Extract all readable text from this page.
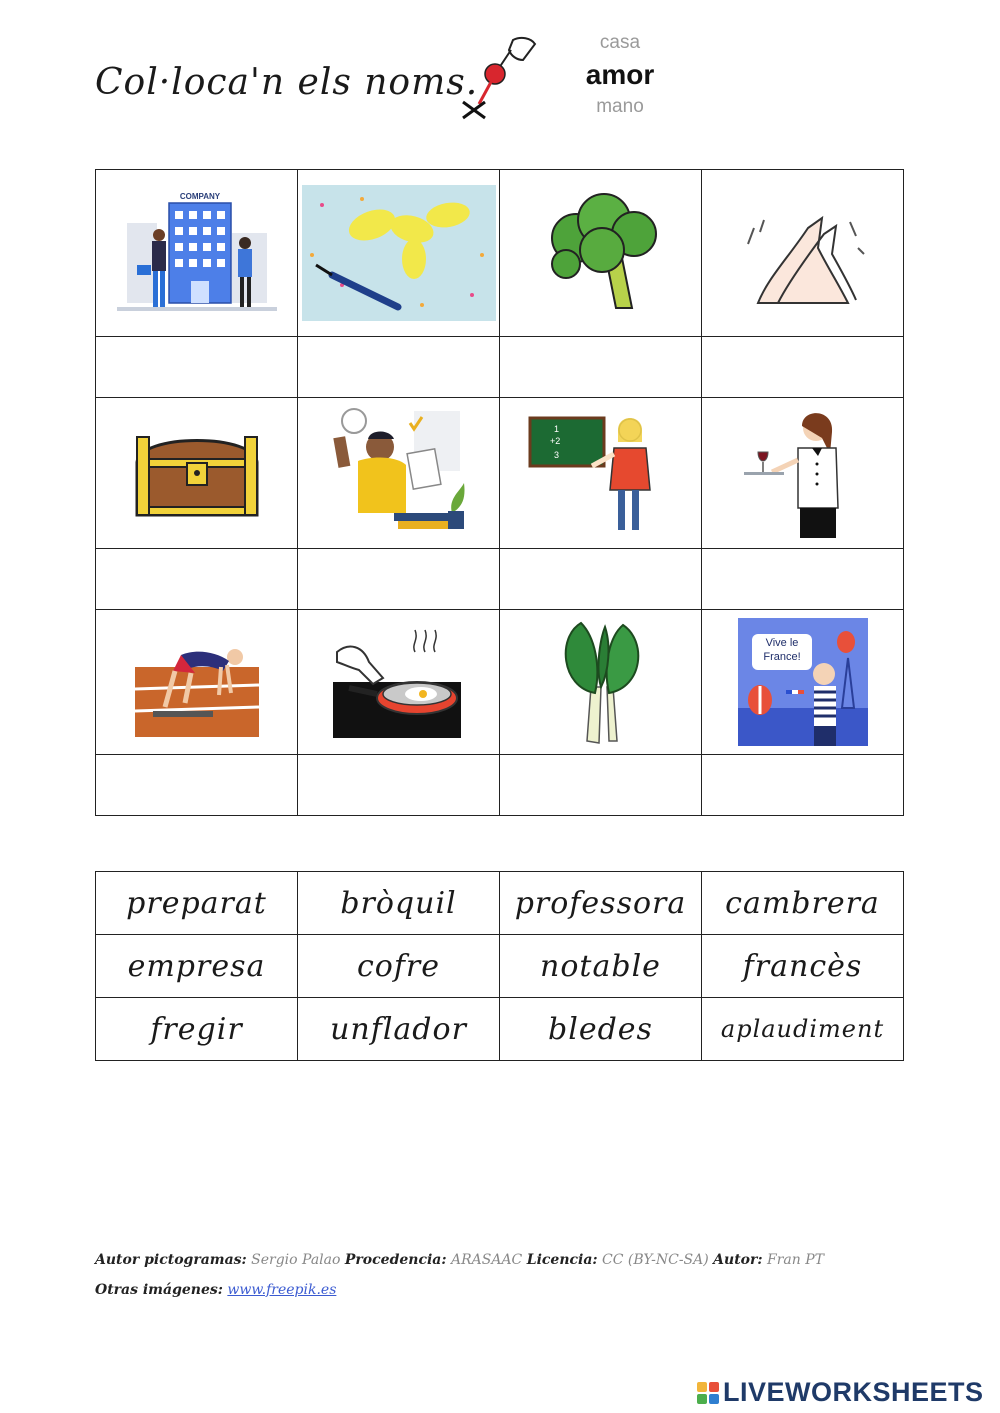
Col·loca'n els noms.
casa
amor
mano
COMPANY

1
+2
3

Vive le France!

preparat	bròquil	professora	cambrera
empresa	cofre	notable	francès
fregir	unflador	bledes	aplaudiment
Autor pictogramas: Sergio Palao Procedencia: ARASAAC Licencia: CC (BY-NC-SA) Autor: Fran PT
Otras imágenes: www.freepik.es
LIVEWORKSHEETS
